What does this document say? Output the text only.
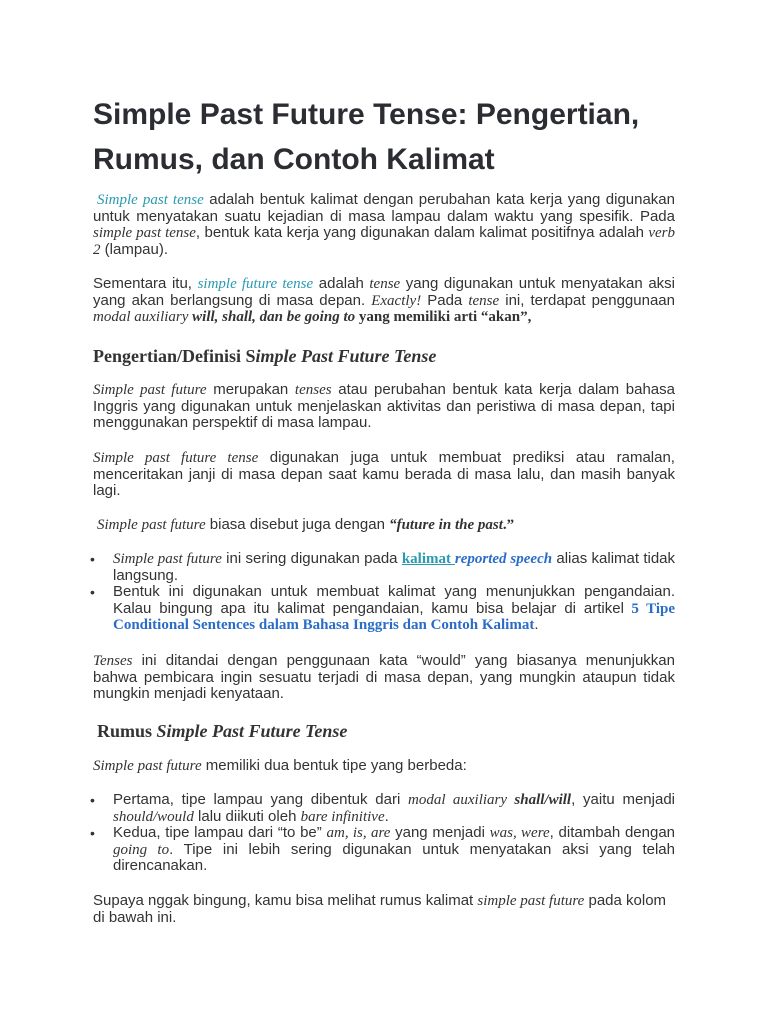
Simple Past Future Tense: Pengertian, Rumus, dan Contoh Kalimat

Simple past tense adalah bentuk kalimat dengan perubahan kata kerja yang digunakan untuk menyatakan suatu kejadian di masa lampau dalam waktu yang spesifik. Pada simple past tense, bentuk kata kerja yang digunakan dalam kalimat positifnya adalah verb 2 (lampau).

Sementara itu, simple future tense adalah tense yang digunakan untuk menyatakan aksi yang akan berlangsung di masa depan. Exactly! Pada tense ini, terdapat penggunaan modal auxiliary will, shall, dan be going to yang memiliki arti “akan”,

Pengertian/Definisi Simple Past Future Tense

Simple past future merupakan tenses atau perubahan bentuk kata kerja dalam bahasa Inggris yang digunakan untuk menjelaskan aktivitas dan peristiwa di masa depan, tapi menggunakan perspektif di masa lampau.

Simple past future tense digunakan juga untuk membuat prediksi atau ramalan, menceritakan janji di masa depan saat kamu berada di masa lalu, dan masih banyak lagi.

Simple past future biasa disebut juga dengan “future in the past.”

• Simple past future ini sering digunakan pada kalimat reported speech alias kalimat tidak langsung.
• Bentuk ini digunakan untuk membuat kalimat yang menunjukkan pengandaian. Kalau bingung apa itu kalimat pengandaian, kamu bisa belajar di artikel 5 Tipe Conditional Sentences dalam Bahasa Inggris dan Contoh Kalimat.

Tenses ini ditandai dengan penggunaan kata “would” yang biasanya menunjukkan bahwa pembicara ingin sesuatu terjadi di masa depan, yang mungkin ataupun tidak mungkin menjadi kenyataan.

Rumus Simple Past Future Tense

Simple past future memiliki dua bentuk tipe yang berbeda:

• Pertama, tipe lampau yang dibentuk dari modal auxiliary shall/will, yaitu menjadi should/would lalu diikuti oleh bare infinitive.
• Kedua, tipe lampau dari “to be” am, is, are yang menjadi was, were, ditambah dengan going to. Tipe ini lebih sering digunakan untuk menyatakan aksi yang telah direncanakan.

Supaya nggak bingung, kamu bisa melihat rumus kalimat simple past future pada kolom di bawah ini.
